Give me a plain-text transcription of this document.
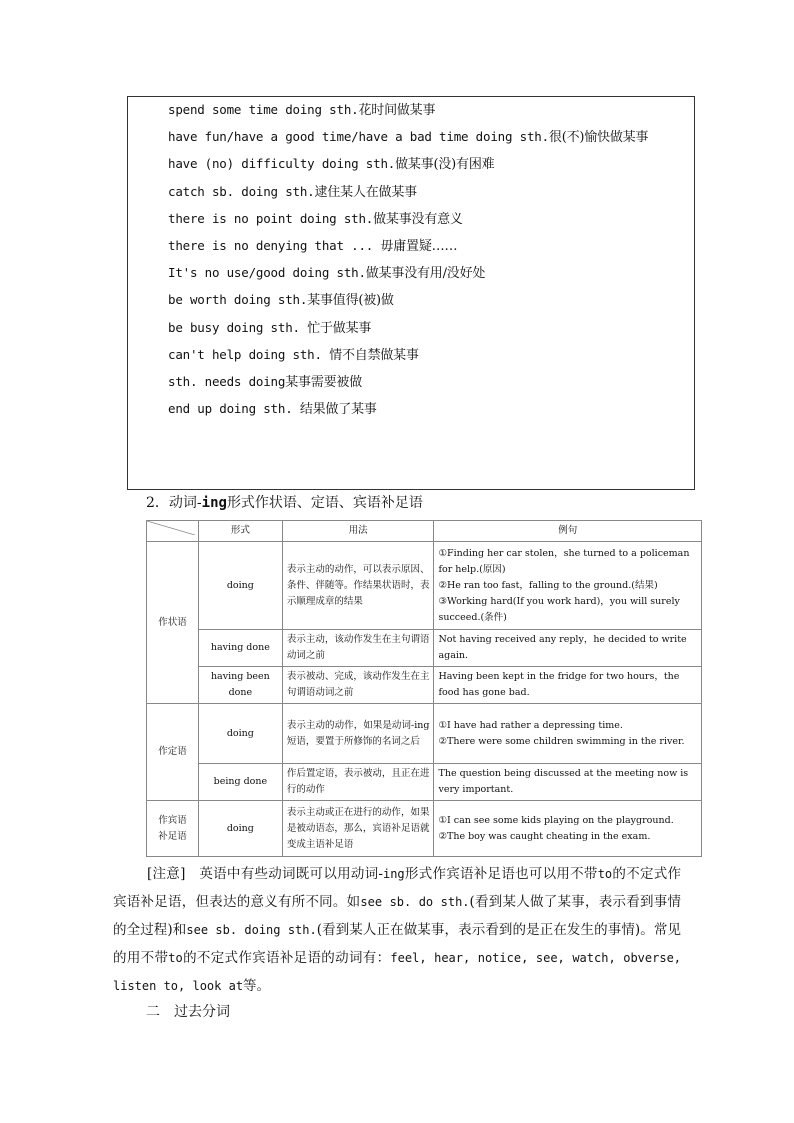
spend some time doing sth.花时间做某事
have fun/have a good time/have a bad time doing sth.很(不)愉快做某事
have (no) difficulty doing sth.做某事(没)有困难
catch sb. doing sth.逮住某人在做某事
there is no point doing sth.做某事没有意义
there is no denying that ... 毋庸置疑……
It's no use/good doing sth.做某事没有用/没好处
be worth doing sth.某事值得(被)做
be busy doing sth. 忙于做某事
can't help doing sth. 情不自禁做某事
sth. needs doing某事需要被做
end up doing sth. 结果做了某事
2．动词-ing形式作状语、定语、宾语补足语
	形式	用法	例句
作状语	doing	表示主动的动作，可以表示原因、条件、伴随等。作结果状语时，表示顺理成章的结果	①Finding her car stolen，she turned to a policeman for help.(原因)
②He ran too fast，falling to the ground.(结果)
③Working hard(If you work hard)，you will surely succeed.(条件)

	having done	表示主动，该动作发生在主句谓语动词之前	Not having received any reply，he decided to write again.

	having been done	表示被动、完成，该动作发生在主句谓语动词之前	Having been kept in the fridge for two hours，the food has gone bad.

作定语	doing	表示主动的动作，如果是动词-ing短语，要置于所修饰的名词之后	①I have had rather a depressing time.
②There were some children swimming in the river.

	being done	作后置定语，表示被动，且正在进行的动作	The question being discussed at the meeting now is very important.

作宾语补足语	doing	表示主动或正在进行的动作，如果是被动语态，那么，宾语补足语就变成主语补足语	①I can see some kids playing on the playground.
②The boy was caught cheating in the exam.
[注意]　 英语中有些动词既可以用动词-ing形式作宾语补足语也可以用不带to的不定式作宾语补足语，但表达的意义有所不同。如see sb. do sth.(看到某人做了某事，表示看到事情的全过程)和see sb. doing sth.(看到某人正在做某事，表示看到的是正在发生的事情)。常见的用不带to的不定式作宾语补足语的动词有：feel, hear, notice, see, watch, obverse, listen to, look at等。
二　过去分词
